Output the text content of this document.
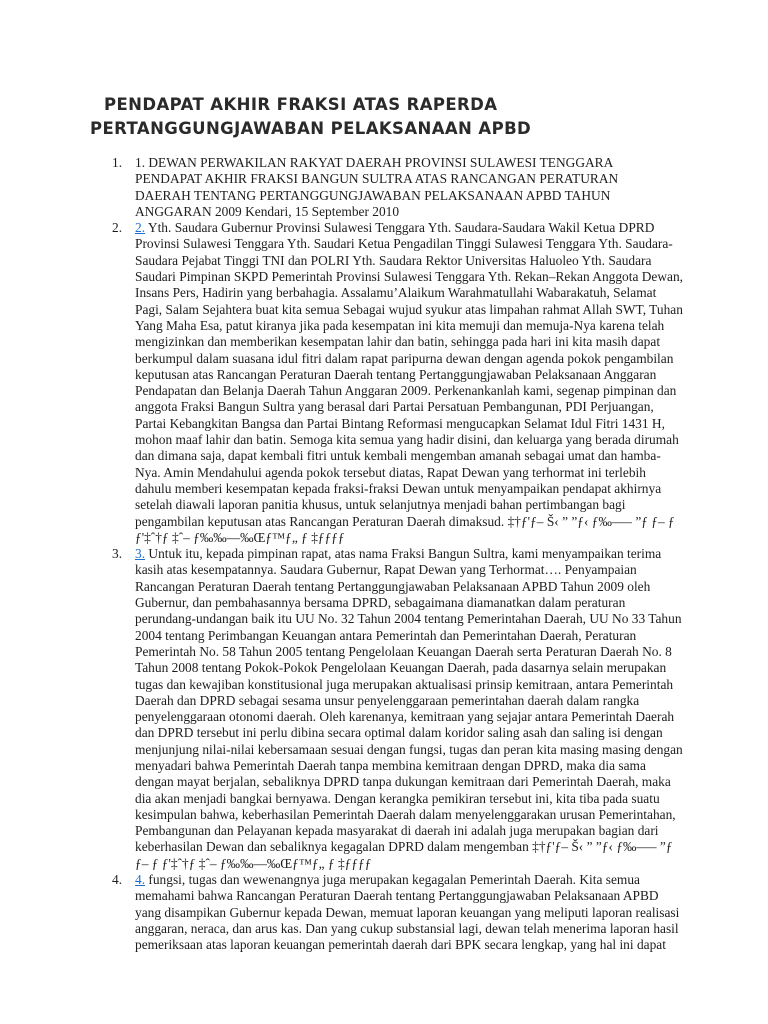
PENDAPAT AKHIR FRAKSI ATAS RAPERDA
PERTANGGUNGJAWABAN PELAKSANAAN APBD
1. 1. DEWAN PERWAKILAN RAKYAT DAERAH PROVINSI SULAWESI TENGGARA
PENDAPAT AKHIR FRAKSI BANGUN SULTRA ATAS RANCANGAN PERATURAN
DAERAH TENTANG PERTANGGUNGJAWABAN PELAKSANAAN APBD TAHUN
ANGGARAN 2009 Kendari, 15 September 2010
2. 2. Yth. Saudara Gubernur Provinsi Sulawesi Tenggara Yth. Saudara-Saudara Wakil Ketua DPRD
Provinsi Sulawesi Tenggara Yth. Saudari Ketua Pengadilan Tinggi Sulawesi Tenggara Yth. Saudara-
Saudara Pejabat Tinggi TNI dan POLRI Yth. Saudara Rektor Universitas Haluoleo Yth. Saudara
Saudari Pimpinan SKPD Pemerintah Provinsi Sulawesi Tenggara Yth. Rekan–Rekan Anggota Dewan,
Insans Pers, Hadirin yang berbahagia. Assalamu’Alaikum Warahmatullahi Wabarakatuh, Selamat
Pagi, Salam Sejahtera buat kita semua Sebagai wujud syukur atas limpahan rahmat Allah SWT, Tuhan
Yang Maha Esa, patut kiranya jika pada kesempatan ini kita memuji dan memuja-Nya karena telah
mengizinkan dan memberikan kesempatan lahir dan batin, sehingga pada hari ini kita masih dapat
berkumpul dalam suasana idul fitri dalam rapat paripurna dewan dengan agenda pokok pengambilan
keputusan atas Rancangan Peraturan Daerah tentang Pertanggungjawaban Pelaksanaan Anggaran
Pendapatan dan Belanja Daerah Tahun Anggaran 2009. Perkenankanlah kami, segenap pimpinan dan
anggota Fraksi Bangun Sultra yang berasal dari Partai Persatuan Pembangunan, PDI Perjuangan,
Partai Kebangkitan Bangsa dan Partai Bintang Reformasi mengucapkan Selamat Idul Fitri 1431 H,
mohon maaf lahir dan batin. Semoga kita semua yang hadir disini, dan keluarga yang berada dirumah
dan dimana saja, dapat kembali fitri untuk kembali mengemban amanah sebagai umat dan hamba-
Nya. Amin Mendahului agenda pokok tersebut diatas, Rapat Dewan yang terhormat ini terlebih
dahulu memberi kesempatan kepada fraksi-fraksi Dewan untuk menyampaikan pendapat akhirnya
setelah diawali laporan panitia khusus, untuk selanjutnya menjadi bahan pertimbangan bagi
pengambilan keputusan atas Rancangan Peraturan Daerah dimaksud. ‡†ƒ'ƒ– Š‹ ” ”ƒ‹ ƒ‰—– ”ƒ ƒ– ƒ
ƒ'‡ˆ†ƒ ‡ˆ– ƒ‰‰—‰Œƒ™ƒ„ ƒ ‡ƒƒƒƒ
3. 3. Untuk itu, kepada pimpinan rapat, atas nama Fraksi Bangun Sultra, kami menyampaikan terima
kasih atas kesempatannya. Saudara Gubernur, Rapat Dewan yang Terhormat…. Penyampaian
Rancangan Peraturan Daerah tentang Pertanggungjawaban Pelaksanaan APBD Tahun 2009 oleh
Gubernur, dan pembahasannya bersama DPRD, sebagaimana diamanatkan dalam peraturan
perundang-undangan baik itu UU No. 32 Tahun 2004 tentang Pemerintahan Daerah, UU No 33 Tahun
2004 tentang Perimbangan Keuangan antara Pemerintah dan Pemerintahan Daerah, Peraturan
Pemerintah No. 58 Tahun 2005 tentang Pengelolaan Keuangan Daerah serta Peraturan Daerah No. 8
Tahun 2008 tentang Pokok-Pokok Pengelolaan Keuangan Daerah, pada dasarnya selain merupakan
tugas dan kewajiban konstitusional juga merupakan aktualisasi prinsip kemitraan, antara Pemerintah
Daerah dan DPRD sebagai sesama unsur penyelenggaraan pemerintahan daerah dalam rangka
penyelenggaraan otonomi daerah. Oleh karenanya, kemitraan yang sejajar antara Pemerintah Daerah
dan DPRD tersebut ini perlu dibina secara optimal dalam koridor saling asah dan saling isi dengan
menjunjung nilai-nilai kebersamaan sesuai dengan fungsi, tugas dan peran kita masing masing dengan
menyadari bahwa Pemerintah Daerah tanpa membina kemitraan dengan DPRD, maka dia sama
dengan mayat berjalan, sebaliknya DPRD tanpa dukungan kemitraan dari Pemerintah Daerah, maka
dia akan menjadi bangkai bernyawa. Dengan kerangka pemikiran tersebut ini, kita tiba pada suatu
kesimpulan bahwa, keberhasilan Pemerintah Daerah dalam menyelenggarakan urusan Pemerintahan,
Pembangunan dan Pelayanan kepada masyarakat di daerah ini adalah juga merupakan bagian dari
keberhasilan Dewan dan sebaliknya kegagalan DPRD dalam mengemban ‡†ƒ'ƒ– Š‹ ” ”ƒ‹ ƒ‰—– ”ƒ
ƒ– ƒ ƒ'‡ˆ†ƒ ‡ˆ– ƒ‰‰—‰Œƒ™ƒ„ ƒ ‡ƒƒƒƒ
4. 4. fungsi, tugas dan wewenangnya juga merupakan kegagalan Pemerintah Daerah. Kita semua
memahami bahwa Rancangan Peraturan Daerah tentang Pertanggungjawaban Pelaksanaan APBD
yang disampikan Gubernur kepada Dewan, memuat laporan keuangan yang meliputi laporan realisasi
anggaran, neraca, dan arus kas. Dan yang cukup substansial lagi, dewan telah menerima laporan hasil
pemeriksaan atas laporan keuangan pemerintah daerah dari BPK secara lengkap, yang hal ini dapat
